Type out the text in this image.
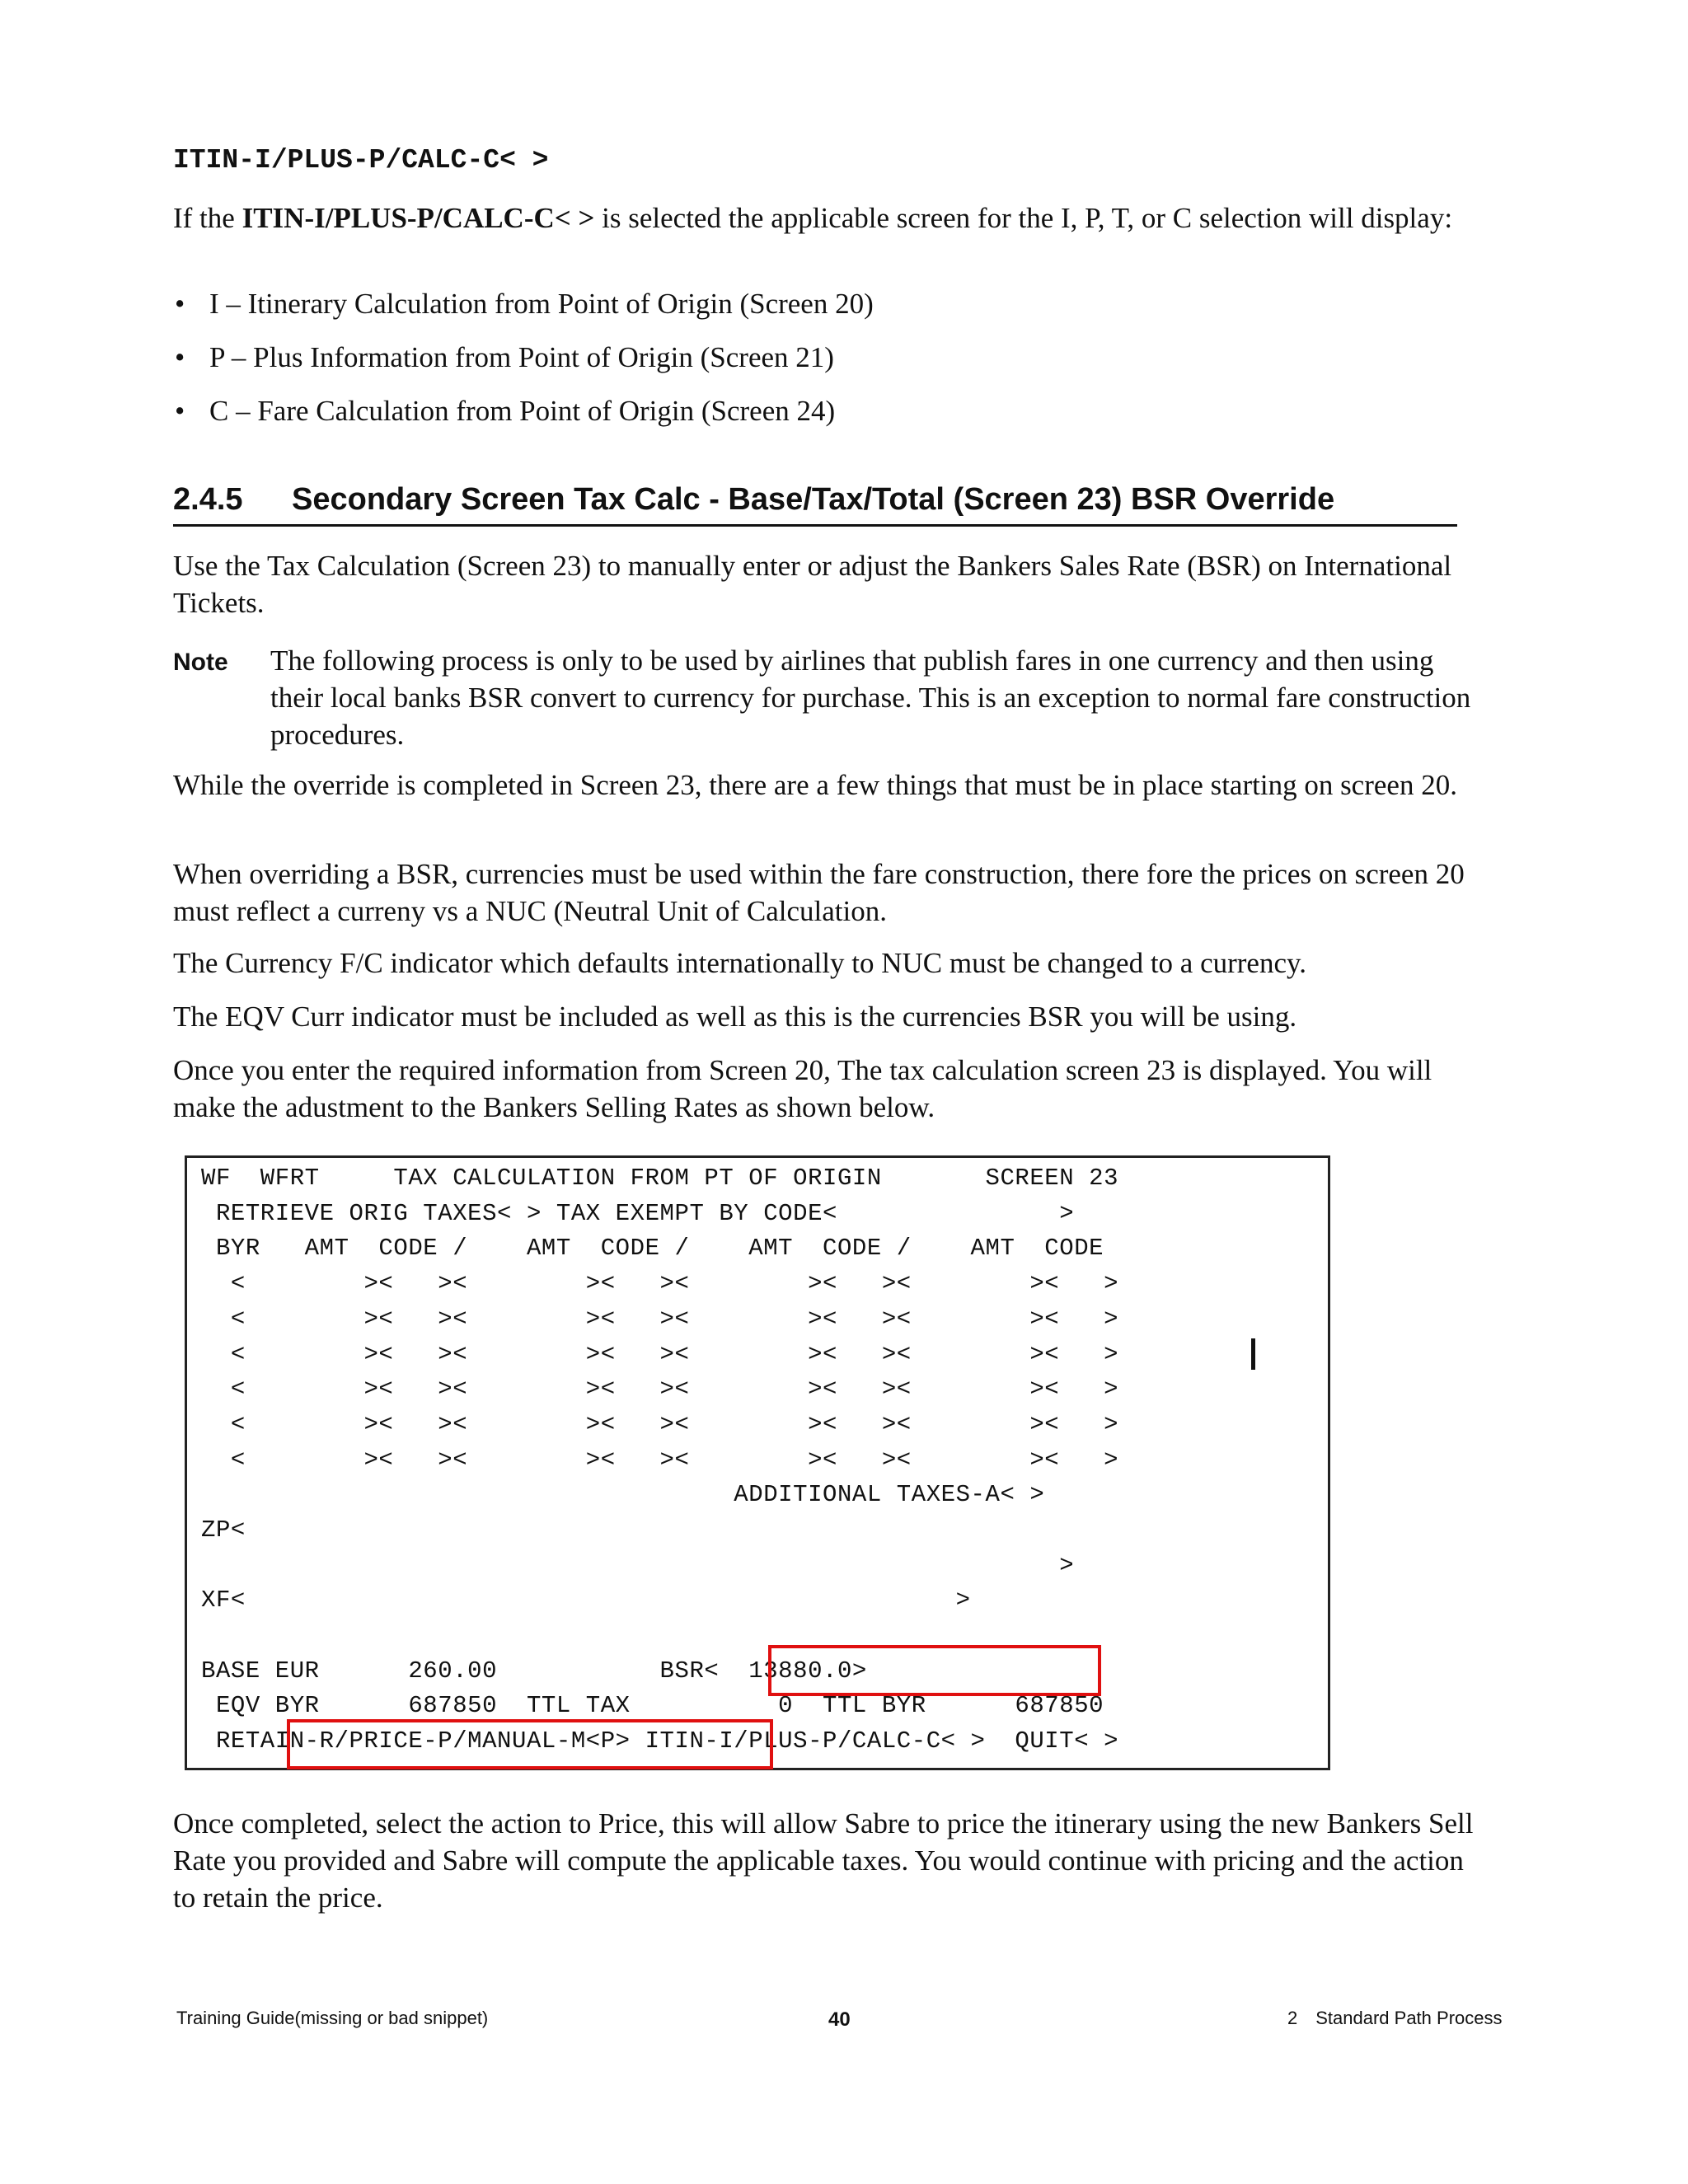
ITIN-I/PLUS-P/CALC-C< >

If the ITIN-I/PLUS-P/CALC-C< > is selected the applicable screen for the I, P, T, or C selection will display:

• I – Itinerary Calculation from Point of Origin (Screen 20)
• P – Plus Information from Point of Origin (Screen 21)
• C – Fare Calculation from Point of Origin (Screen 24)
2.4.5 Secondary Screen Tax Calc - Base/Tax/Total (Screen 23) BSR Override

Use the Tax Calculation (Screen 23) to manually enter or adjust the Bankers Sales Rate (BSR) on International Tickets.

Note The following process is only to be used by airlines that publish fares in one currency and then using their local banks BSR convert to currency for purchase. This is an exception to normal fare construction procedures.

While the override is completed in Screen 23, there are a few things that must be in place starting on screen 20.

When overriding a BSR, currencies must be used within the fare construction, there fore the prices on screen 20 must reflect a curreny vs a NUC (Neutral Unit of Calculation.

The Currency F/C indicator which defaults internationally to NUC must be changed to a currency.

The EQV Curr indicator must be included as well as this is the currencies BSR you will be using.

Once you enter the required information from Screen 20, The tax calculation screen 23 is displayed. You will make the adustment to the Bankers Selling Rates as shown below.

WF  WFRT     TAX CALCULATION FROM PT OF ORIGIN       SCREEN 23
RETRIEVE ORIG TAXES< > TAX EXEMPT BY CODE<               >
BYR   AMT  CODE /    AMT  CODE /    AMT  CODE /    AMT  CODE
<        ><   ><        ><   ><        ><   ><        ><   >
<        ><   ><        ><   ><        ><   ><        ><   >
<        ><   ><        ><   ><        ><   ><        ><   >
<        ><   ><        ><   ><        ><   ><        ><   >
<        ><   ><        ><   ><        ><   ><        ><   >
<        ><   ><        ><   ><        ><   ><        ><   >
ADDITIONAL TAXES-A< >
ZP<
>
XF<                                                >
BASE EUR      260.00           BSR<  13880.0>
EQV BYR      687850  TTL TAX          0  TTL BYR      687850
RETAIN-R/PRICE-P/MANUAL-M<P> ITIN-I/PLUS-P/CALC-C< >  QUIT< >

Once completed, select the action to Price, this will allow Sabre to price the itinerary using the new Bankers Sell Rate you provided and Sabre will compute the applicable taxes. You would continue with pricing and the action to retain the price.

Training Guide(missing or bad snippet)	40	2 Standard Path Process
